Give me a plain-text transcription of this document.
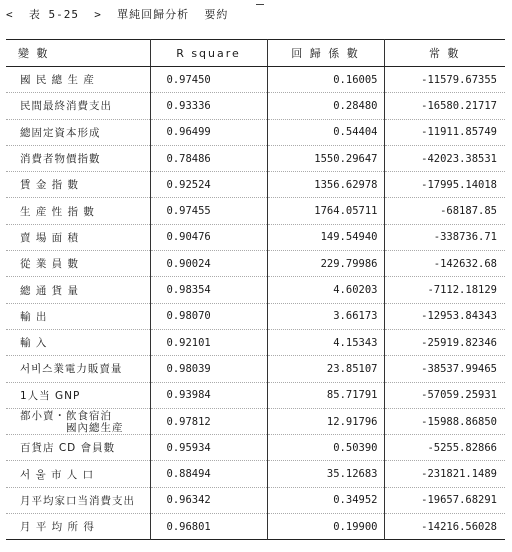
<  表 5-25  >  單純回歸分析  要約
變 數	R square	回 歸 係 數	常 數
國 民 總 生 産	0.97450	0.16005	-11579.67355
民間最終消費支出	0.93336	0.28480	-16580.21717
總固定資本形成	0.96499	0.54404	-11911.85749
消費者物價指數	0.78486	1550.29647	-42023.38531
賃 金 指 數	0.92524	1356.62978	-17995.14018
生 産 性 指 數	0.97455	1764.05711	-68187.85
賣 場 面 積	0.90476	149.54940	-338736.71
從 業 員 數	0.90024	229.79986	-142632.68
總 通 貨 量	0.98354	4.60203	-7112.18129
輸 出	0.98070	3.66173	-12953.84343
輸 入	0.92101	4.15343	-25919.82346
서비스業電力販賣量	0.98039	23.85107	-38537.99465
1人当 GNP	0.93984	85.71791	-57059.25931

都小賣・飮食宿泊
國內總生産	0.97812	12.91796	-15988.86850
百貨店 CD 會員數	0.95934	0.50390	-5255.82866
서 울 市 人 口	0.88494	35.12683	-231821.1489
月平均家口当消費支出	0.96342	0.34952	-19657.68291
月 平 均 所 得	0.96801	0.19900	-14216.56028
